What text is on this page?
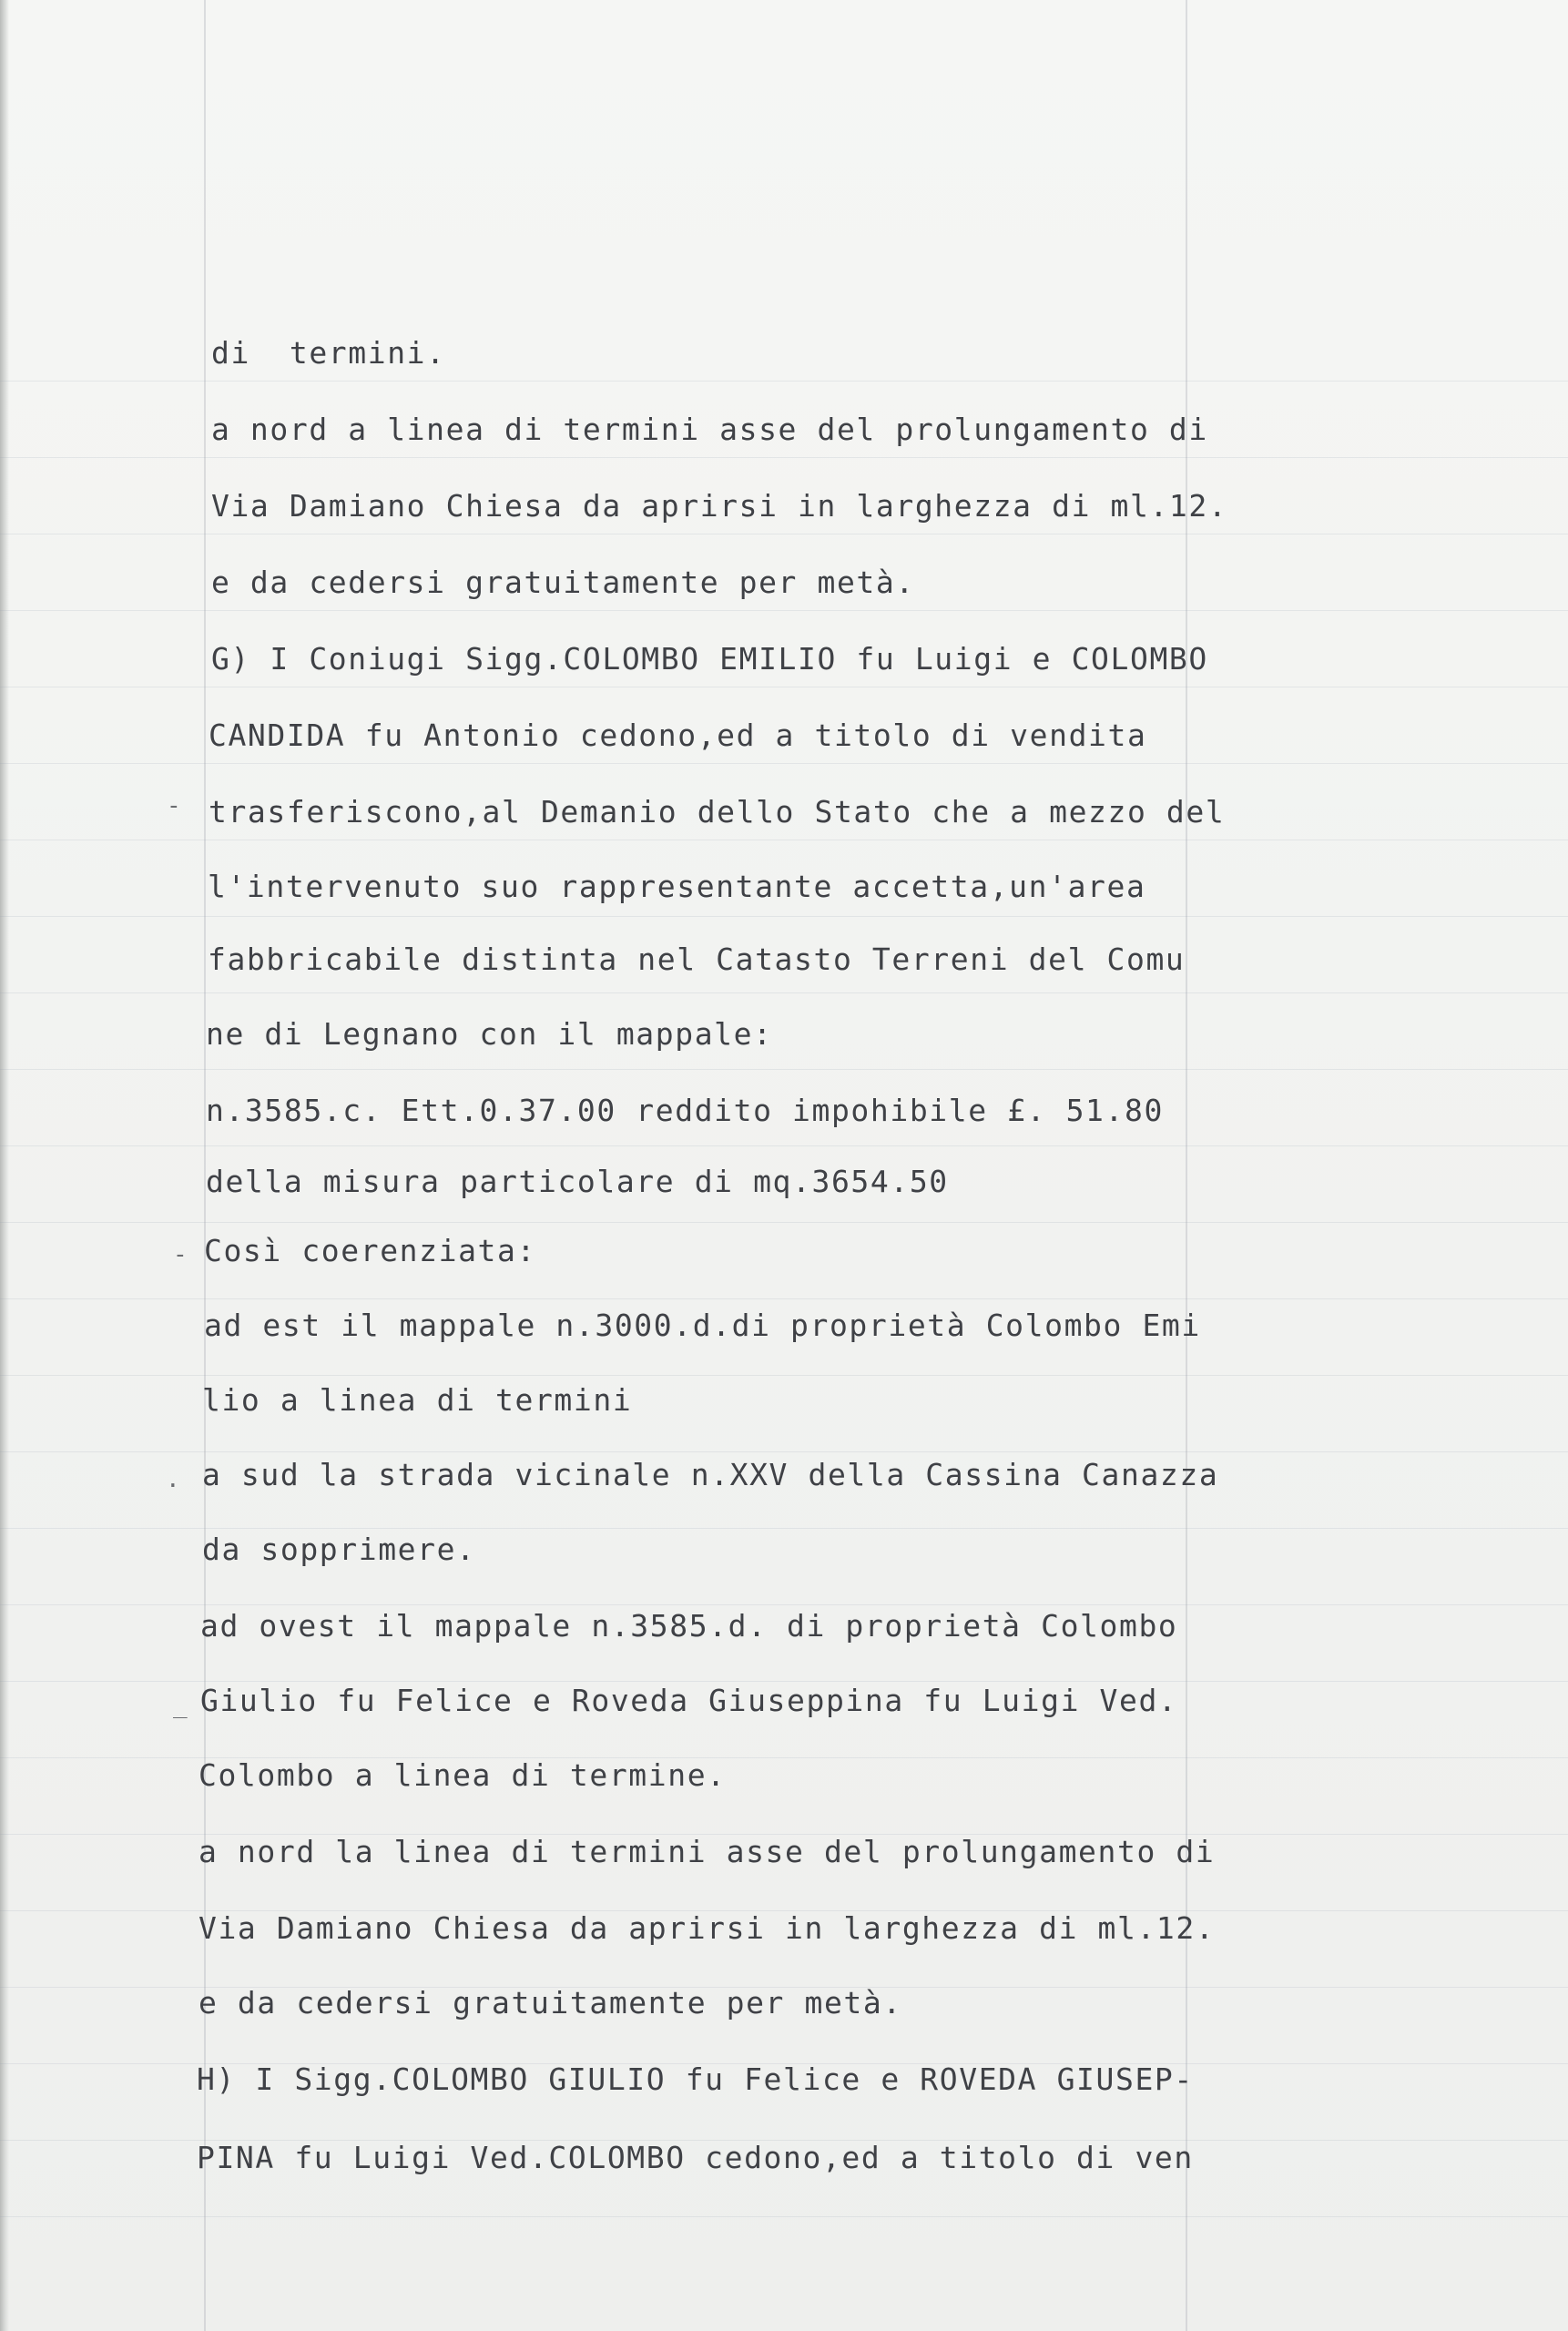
-
-
.
_
di  termini.
a nord a linea di termini asse del prolungamento di
Via Damiano Chiesa da aprirsi in larghezza di ml.12.
e da cedersi gratuitamente per metà.
G) I Coniugi Sigg.COLOMBO EMILIO fu Luigi e COLOMBO
CANDIDA fu Antonio cedono,ed a titolo di vendita
trasferiscono,al Demanio dello Stato che a mezzo del
l'intervenuto suo rappresentante accetta,un'area
fabbricabile distinta nel Catasto Terreni del Comu
ne di Legnano con il mappale:
n.3585.c. Ett.0.37.00 reddito impohibile £. 51.80
della misura particolare di mq.3654.50
Così coerenziata:
ad est il mappale n.3000.d.di proprietà Colombo Emi
lio a linea di termini
a sud la strada vicinale n.XXV della Cassina Canazza
da sopprimere.
ad ovest il mappale n.3585.d. di proprietà Colombo
Giulio fu Felice e Roveda Giuseppina fu Luigi Ved.
Colombo a linea di termine.
a nord la linea di termini asse del prolungamento di
Via Damiano Chiesa da aprirsi in larghezza di ml.12.
e da cedersi gratuitamente per metà.
H) I Sigg.COLOMBO GIULIO fu Felice e ROVEDA GIUSEP-
PINA fu Luigi Ved.COLOMBO cedono,ed a titolo di ven
